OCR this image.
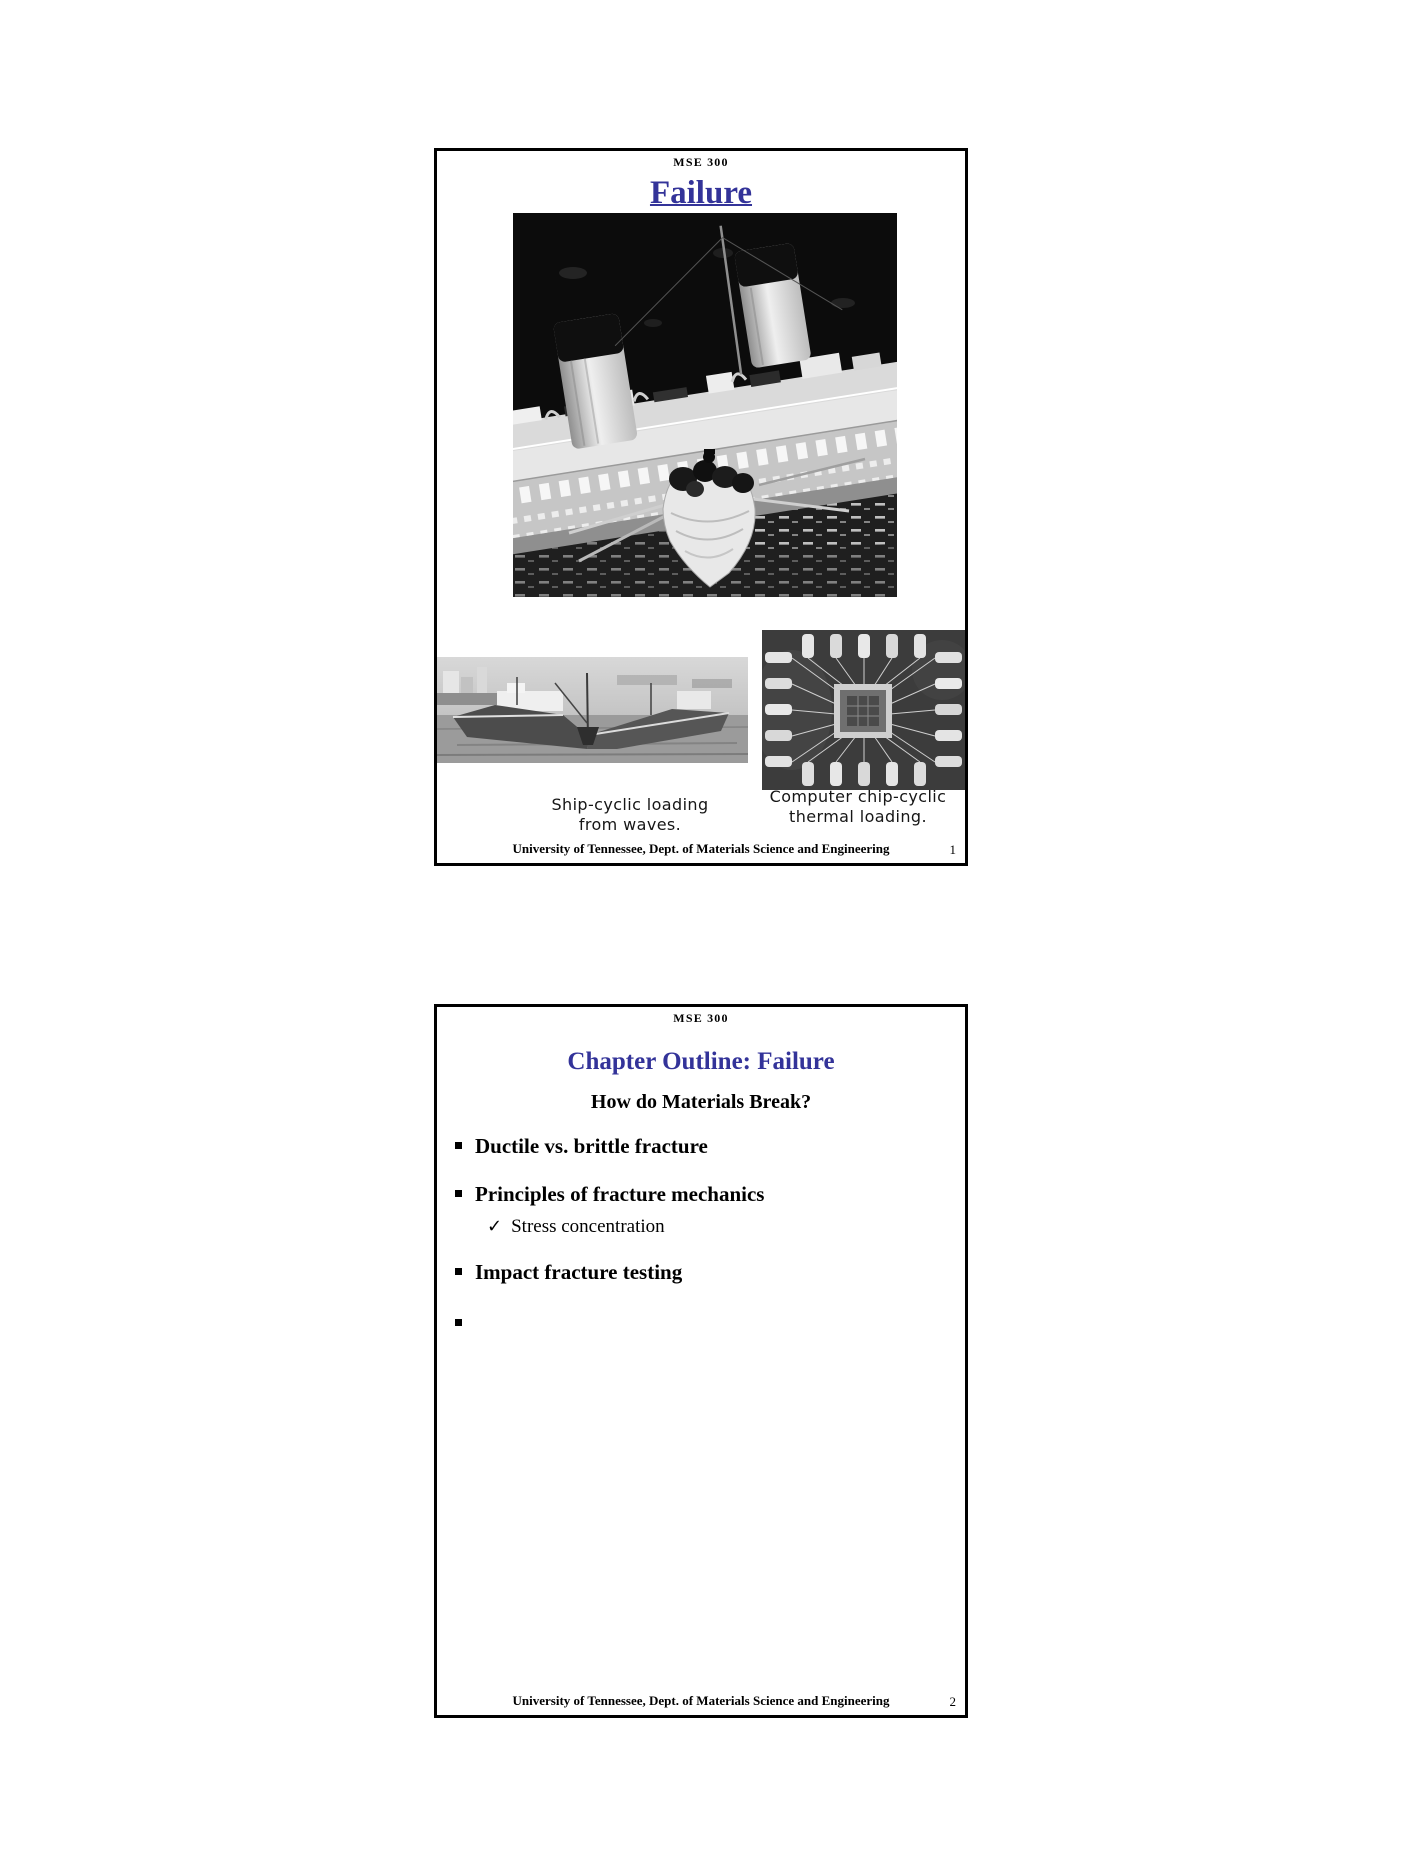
MSE 300
Failure
Ship-cyclic loading
from waves.
Computer chip-cyclic
thermal loading.
University of Tennessee, Dept. of Materials Science and Engineering	1
MSE 300
Chapter Outline: Failure
How do Materials Break?
Ductile vs. brittle fracture
Principles of fracture mechanics
✓ Stress concentration
Impact fracture testing
University of Tennessee, Dept. of Materials Science and Engineering	2
